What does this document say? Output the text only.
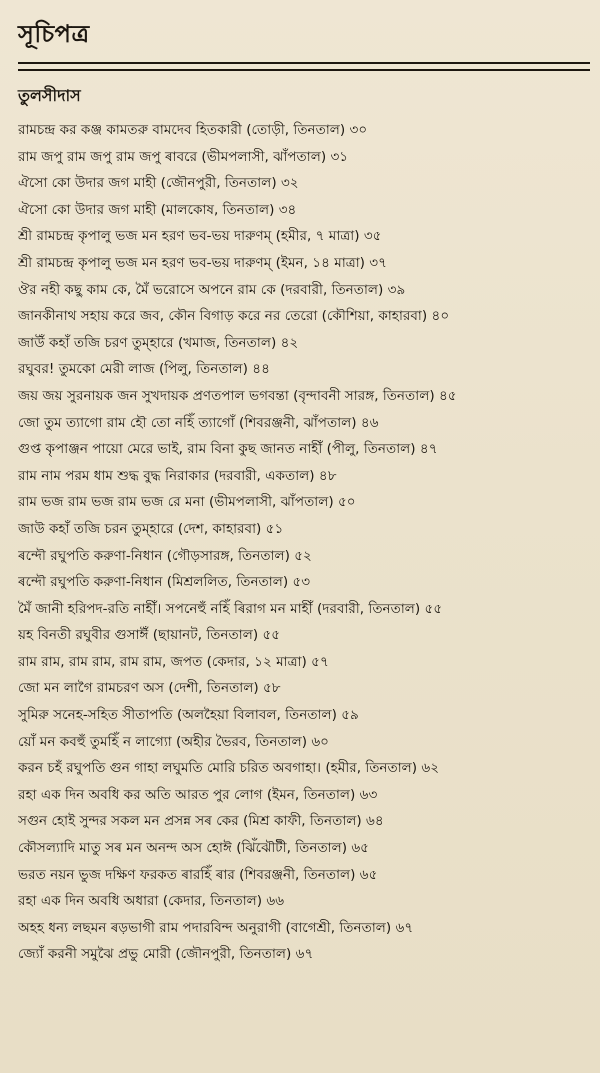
সূচিপত্র
তুলসীদাস
রামচন্দ্র কর কঞ্জ কামতরু বামদেব হিতকারী (তোড়ী, তিনতাল) ৩০
রাম জপু রাম জপু রাম জপু ৰাবরে (ভীমপলাসী, ঝাঁপতাল) ৩১
ঐসো কো উদার জগ মাহী (জৌনপুরী, তিনতাল) ৩২
ঐসো কো উদার জগ মাহী (মালকোষ, তিনতাল) ৩৪
শ্রী রামচন্দ্র কৃপালু ভজ মন হরণ ভব-ভয় দারুণম্ (হমীর, ৭ মাত্রা) ৩৫
শ্রী রামচন্দ্র কৃপালু ভজ মন হরণ ভব-ভয় দারুণম্ (ইমন, ১৪ মাত্রা) ৩৭
ঔর নহী কছু কাম কে, মৈঁ ভরোসে অপনে রাম কে (দরবারী, তিনতাল) ৩৯
জানকীনাথ সহায় করে জব, কৌন বিগাড় করে নর তেরো (কৌশিয়া, কাহারবা) ৪০
জাউঁ কহাঁ তজি চরণ তুম্হারে (খমাজ, তিনতাল) ৪২
রঘুবর! তুমকো মেরী লাজ (পিলু, তিনতাল) ৪৪
জয় জয় সুরনায়ক জন সুখদায়ক প্রণতপাল ভগবন্তা (বৃন্দাবনী সারঙ্গ, তিনতাল) ৪৫
জো তুম ত্যাগো রাম হৌ তো নহিঁ ত্যাগোঁ (শিবরঞ্জনী, ঝাঁপতাল) ৪৬
গুপ্ত কৃপাঞ্জন পায়ো মেরে ভাই, রাম বিনা কুছ জানত নাহীঁ (পীলু, তিনতাল) ৪৭
রাম নাম পরম ধাম শুদ্ধ বুদ্ধ নিরাকার (দরবারী, একতাল) ৪৮
রাম ভজ রাম ভজ রাম ভজ রে মনা (ভীমপলাসী, ঝাঁপতাল) ৫০
জাউ কহাঁ তজি চরন তুম্হারে (দেশ, কাহারবা) ৫১
ৰন্দৌ রঘুপতি করুণা-নিধান (গৌড়সারঙ্গ, তিনতাল) ৫২
ৰন্দৌ রঘুপতি করুণা-নিধান (মিশ্রললিত, তিনতাল) ৫৩
মৈঁ জানী হরিপদ-রতি নাহীঁ। সপনেহুঁ নহিঁ ৰিরাগ মন মাহীঁ (দরবারী, তিনতাল) ৫৫
য়হ বিনতী রঘুবীর গুসাঈঁ (ছায়ানট, তিনতাল) ৫৫
রাম রাম, রাম রাম, রাম রাম, জপত (কেদার, ১২ মাত্রা) ৫৭
জো মন লাগৈ রামচরণ অস (দেশী, তিনতাল) ৫৮
সুমিরু সনেহ-সহিত সীতাপতি (অলহৈয়া বিলাবল, তিনতাল) ৫৯
য়োঁ মন কবহুঁ তুমহিঁ ন লাগ্যো (অহীর ভৈরব, তিনতাল) ৬০
করন চহঁ রঘুপতি গুন গাহা লঘুমতি মোরি চরিত অবগাহা। (হমীর, তিনতাল) ৬২
রহা এক দিন অবধি কর অতি আরত পুর লোগ (ইমন, তিনতাল) ৬৩
সগুন হোই সুন্দর সকল মন প্রসন্ন সৰ কের (মিশ্র কাফী, তিনতাল) ৬৪
কৌসল্যাদি মাতু সৰ মন অনন্দ অস হোঈ (ঝিঁঝৌটী, তিনতাল) ৬৫
ভরত নয়ন ভুজ দক্ষিণ ফরকত ৰারহিঁ ৰার (শিবরঞ্জনী, তিনতাল) ৬৫
রহা এক দিন অবধি অধারা (কেদার, তিনতাল) ৬৬
অহহ ধন্য লছমন ৰড়ভাগী রাম পদারবিন্দ অনুরাগী (বাগেশ্রী, তিনতাল) ৬৭
জ্যোঁ করনী সমুঝৈ প্রভু মোরী (জৌনপুরী, তিনতাল) ৬৭
